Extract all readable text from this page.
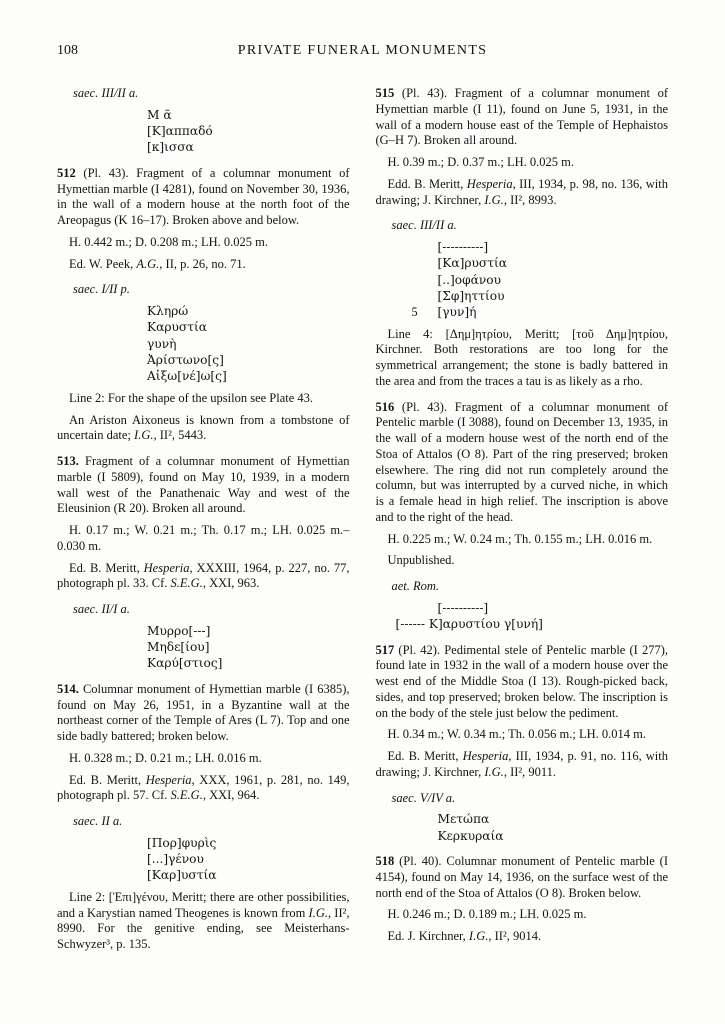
108	PRIVATE FUNERAL MONUMENTS

saec. III/II a.

Μ ᾶ
[Κ]αππαδό
[κ]ισσα

512 (Pl. 43). Fragment of a columnar monument of Hymettian marble (I 4281), found on November 30, 1936, in the wall of a modern house at the north foot of the Areopagus (K 16–17). Broken above and below.

H. 0.442 m.; D. 0.208 m.; LH. 0.025 m.

Ed. W. Peek, A.G., II, p. 26, no. 71.

saec. I/II p.

Κληρώ
Καρυστία
γυνὴ
Ἀρίστωνο[ς]
Αἰξω[νέ]ω[ς]

Line 2: For the shape of the upsilon see Plate 43.

An Ariston Aixoneus is known from a tombstone of uncertain date; I.G., II², 5443.

513. Fragment of a columnar monument of Hymettian marble (I 5809), found on May 10, 1939, in a modern wall west of the Panathenaic Way and west of the Eleusinion (R 20). Broken all around.

H. 0.17 m.; W. 0.21 m.; Th. 0.17 m.; LH. 0.025 m.–0.030 m.

Ed. B. Meritt, Hesperia, XXXIII, 1964, p. 227, no. 77, photograph pl. 33. Cf. S.E.G., XXI, 963.

saec. II/I a.

Μυρρο[---]
Μηδε[ίου]
Καρύ[στιος]

514. Columnar monument of Hymettian marble (I 6385), found on May 26, 1951, in a Byzantine wall at the northeast corner of the Temple of Ares (L 7). Top and one side badly battered; broken below.

H. 0.328 m.; D. 0.21 m.; LH. 0.016 m.

Ed. B. Meritt, Hesperia, XXX, 1961, p. 281, no. 149, photograph pl. 57. Cf. S.E.G., XXI, 964.

saec. II a.

[Πορ]φυρὶς
[...]γένου
[Καρ]υστία

Line 2: [Ἐπι]γένου, Meritt; there are other possibilities, and a Karystian named Theogenes is known from I.G., II², 8990. For the genitive ending, see Meisterhans-Schwyzer³, p. 135.

515 (Pl. 43). Fragment of a columnar monument of Hymettian marble (I 11), found on June 5, 1931, in the wall of a modern house east of the Temple of Hephaistos (G–H 7). Broken all around.

H. 0.39 m.; D. 0.37 m.; LH. 0.025 m.

Edd. B. Meritt, Hesperia, III, 1934, p. 98, no. 136, with drawing; J. Kirchner, I.G., II², 8993.

saec. III/II a.

[----------]
[Κα]ρυστία
[..]οφάνου
[Σφ]ηττίου
5 [γυν]ή

Line 4: [Δημ]ητρίου, Meritt; [τοῦ Δημ]ητρίου, Kirchner. Both restorations are too long for the symmetrical arrangement; the stone is badly battered in the area and from the traces a tau is as likely as a rho.

516 (Pl. 43). Fragment of a columnar monument of Pentelic marble (I 3088), found on December 13, 1935, in the wall of a modern house west of the north end of the Stoa of Attalos (O 8). Part of the ring preserved; broken elsewhere. The ring did not run completely around the column, but was interrupted by a curved niche, in which is a female head in high relief. The inscription is above and to the right of the head.

H. 0.225 m.; W. 0.24 m.; Th. 0.155 m.; LH. 0.016 m.

Unpublished.

aet. Rom.

[----------]
[------ Κ]αρυστίου γ[υνή]

517 (Pl. 42). Pedimental stele of Pentelic marble (I 277), found late in 1932 in the wall of a modern house over the west end of the Middle Stoa (I 13). Rough-picked back, sides, and top preserved; broken below. The inscription is on the body of the stele just below the pediment.

H. 0.34 m.; W. 0.34 m.; Th. 0.056 m.; LH. 0.014 m.

Ed. B. Meritt, Hesperia, III, 1934, p. 91, no. 116, with drawing; J. Kirchner, I.G., II², 9011.

saec. V/IV a.

Μετώπα
Κερκυραία

518 (Pl. 40). Columnar monument of Pentelic marble (I 4154), found on May 14, 1936, on the surface west of the north end of the Stoa of Attalos (O 8). Broken below.

H. 0.246 m.; D. 0.189 m.; LH. 0.025 m.

Ed. J. Kirchner, I.G., II², 9014.
